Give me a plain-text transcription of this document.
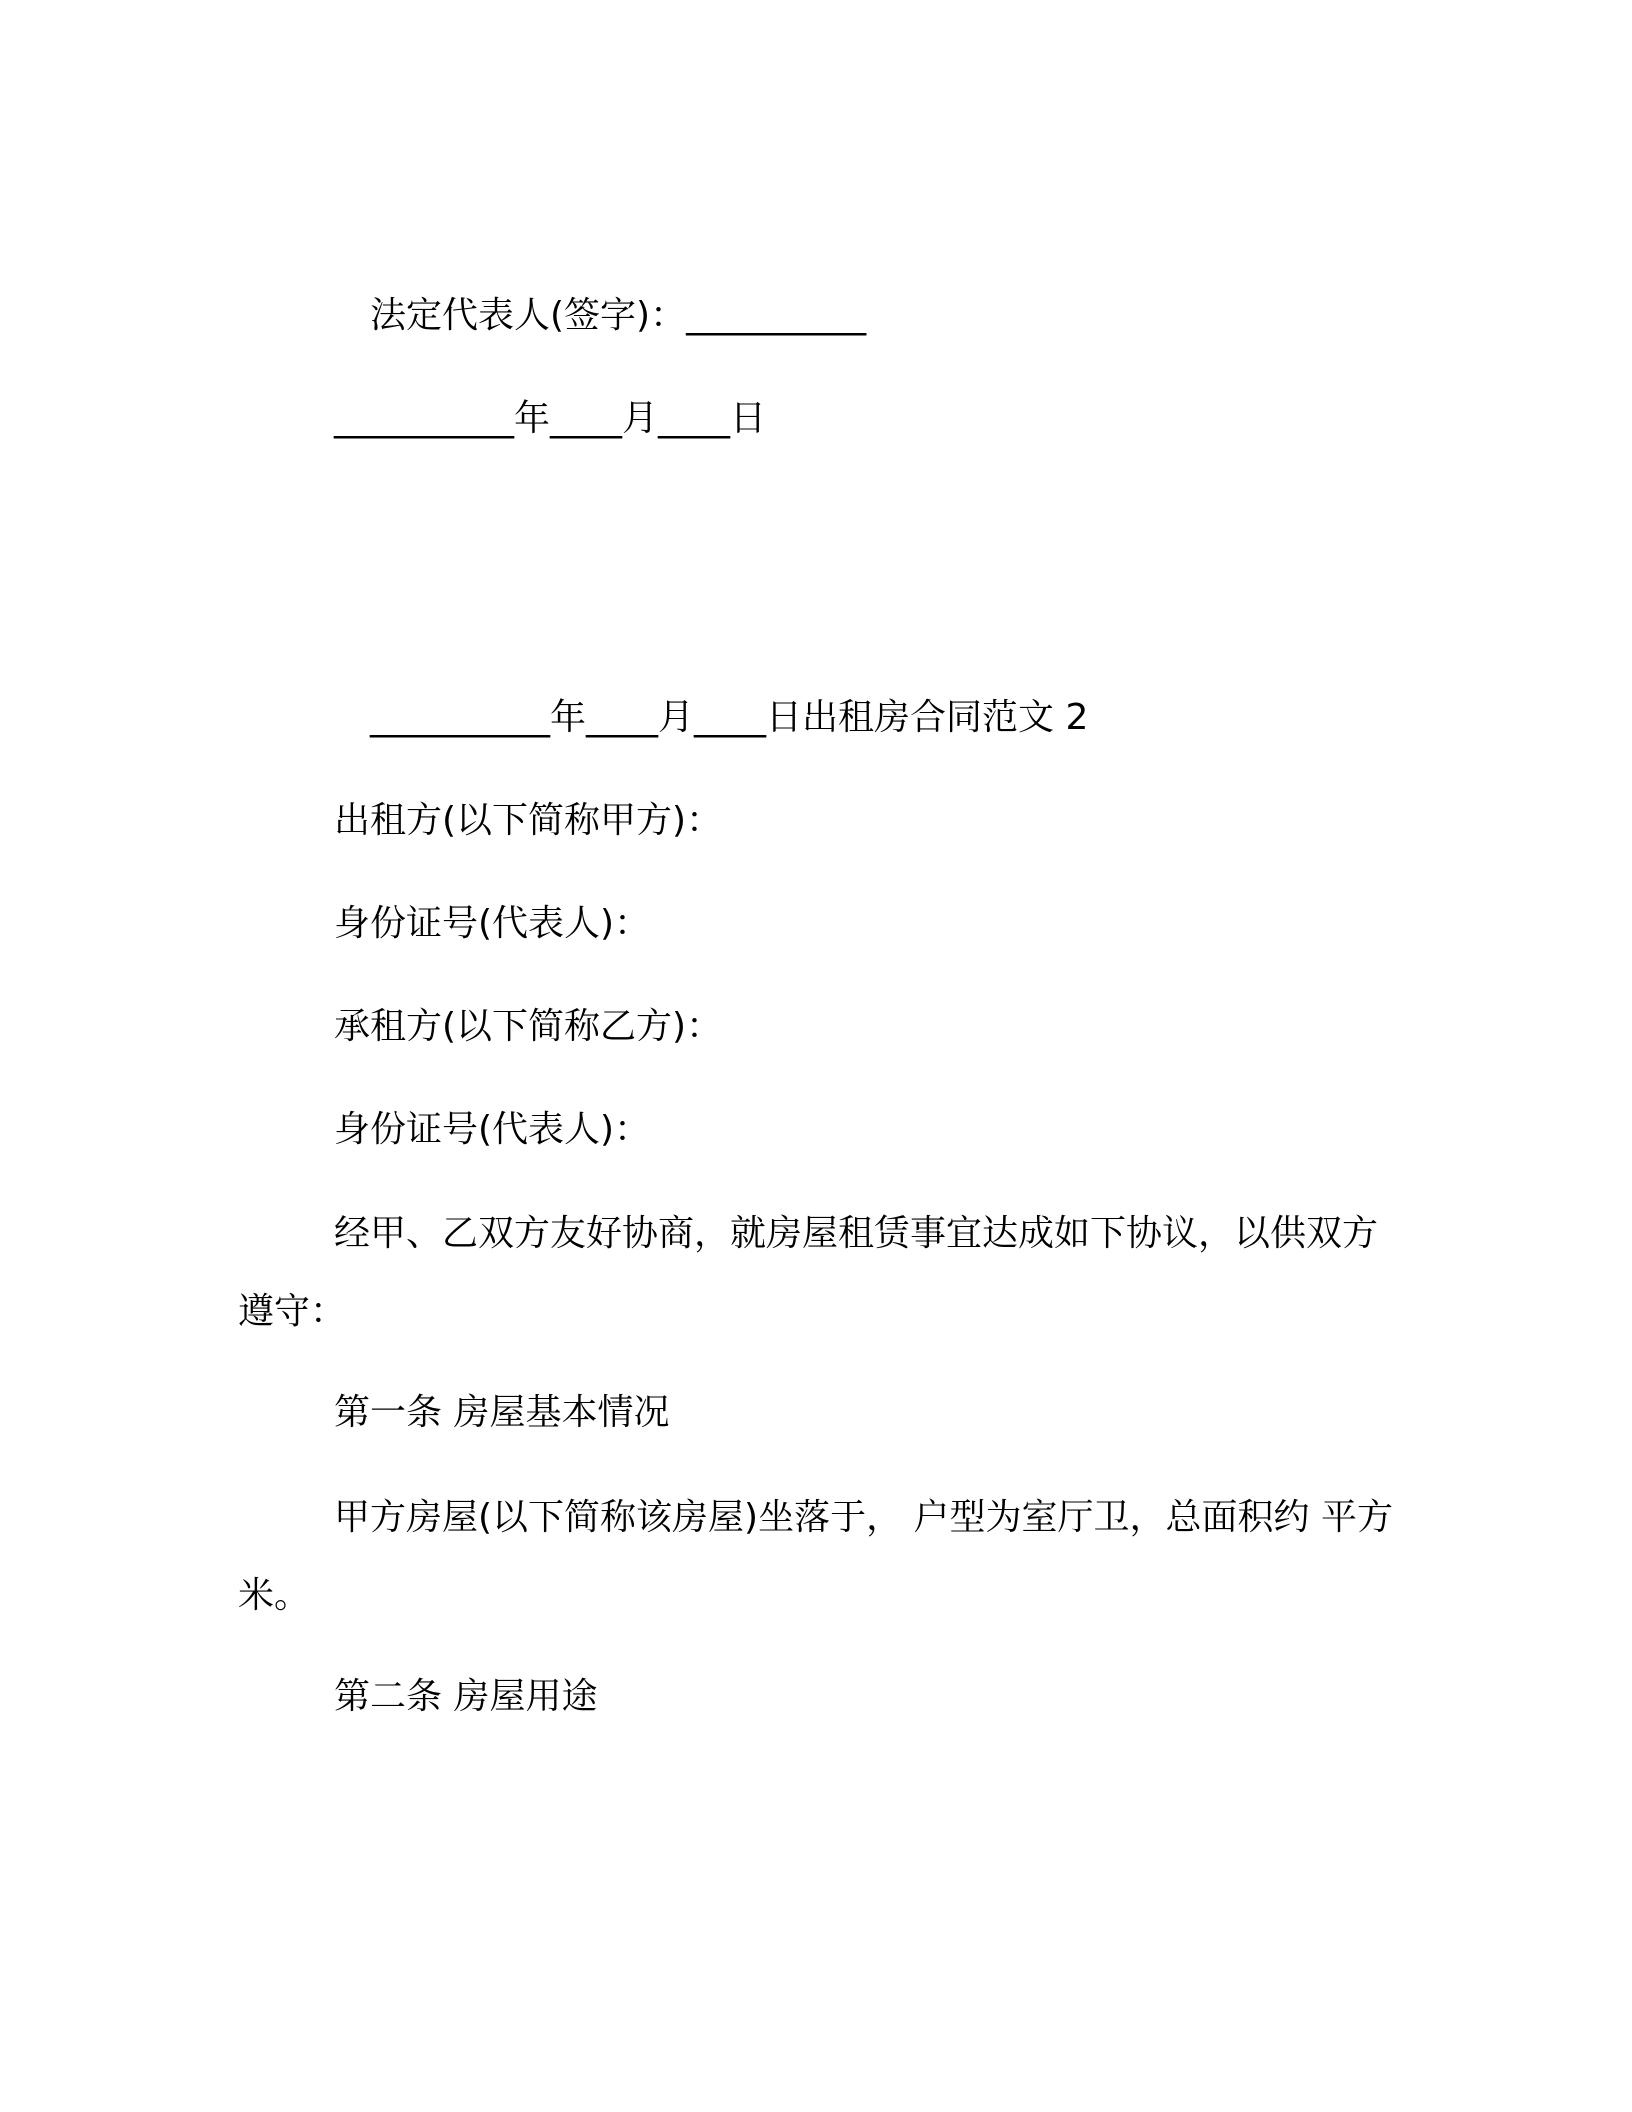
法定代表人(签字)：__________
__________年____月____日
__________年____月____日出租房合同范文 2
出租方(以下简称甲方)：
身份证号(代表人)：
承租方(以下简称乙方)：
身份证号(代表人)：
经甲、乙双方友好协商，就房屋租赁事宜达成如下协议，以供双方遵守：
第一条 房屋基本情况
甲方房屋(以下简称该房屋)坐落于， 户型为室厅卫，总面积约 平方米。
第二条 房屋用途
